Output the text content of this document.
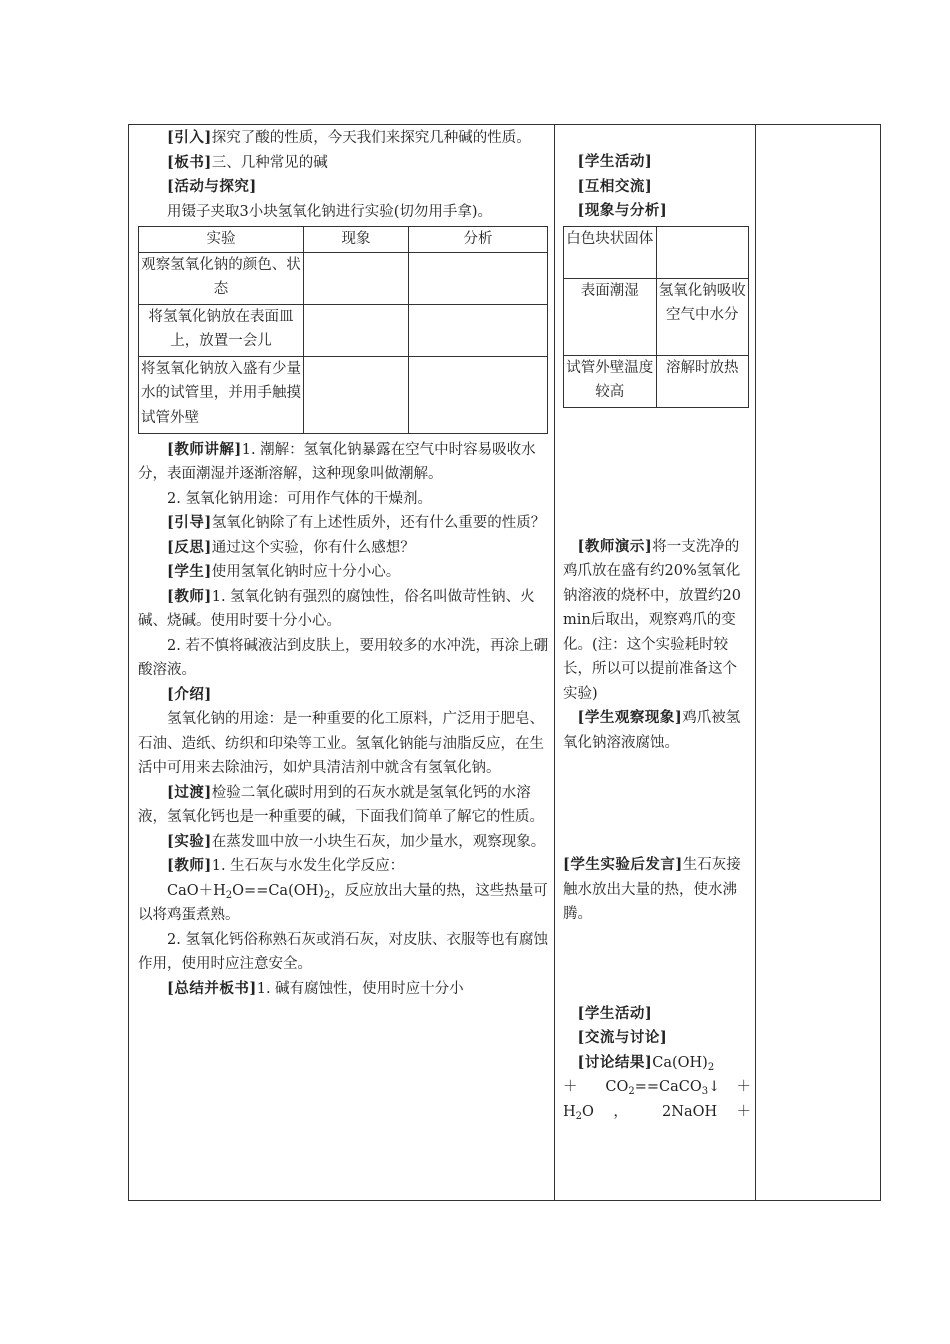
[引入]探究了酸的性质，今天我们来探究几种碱的性质。

[板书]三、几种常见的碱

[活动与探究]

用镊子夹取3小块氢氧化钠进行实验(切勿用手拿)。

实验	现象	分析
观察氢氧化钠的颜色、状态		
将氢氧化钠放在表面皿上，放置一会儿		
将氢氧化钠放入盛有少量水的试管里，并用手触摸试管外壁		

[教师讲解]1. 潮解：氢氧化钠暴露在空气中时容易吸收水分，表面潮湿并逐渐溶解，这种现象叫做潮解。

2. 氢氧化钠用途：可用作气体的干燥剂。

[引导]氢氧化钠除了有上述性质外，还有什么重要的性质？

[反思]通过这个实验，你有什么感想？

[学生]使用氢氧化钠时应十分小心。

[教师]1. 氢氧化钠有强烈的腐蚀性，俗名叫做苛性钠、火碱、烧碱。使用时要十分小心。

2. 若不慎将碱液沾到皮肤上，要用较多的水冲洗，再涂上硼酸溶液。

[介绍]

氢氧化钠的用途：是一种重要的化工原料，广泛用于肥皂、石油、造纸、纺织和印染等工业。氢氧化钠能与油脂反应，在生活中可用来去除油污，如炉具清洁剂中就含有氢氧化钠。

[过渡]检验二氧化碳时用到的石灰水就是氢氧化钙的水溶液，氢氧化钙也是一种重要的碱，下面我们简单了解它的性质。

[实验]在蒸发皿中放一小块生石灰，加少量水，观察现象。

[教师]1. 生石灰与水发生化学反应：

$CaO+H_2O==Ca(OH)_2$，反应放出大量的热，这些热量可以将鸡蛋煮熟。

2. 氢氧化钙俗称熟石灰或消石灰，对皮肤、衣服等也有腐蚀作用，使用时应注意安全。

[总结并板书]1. 碱有腐蚀性，使用时应十分小

[学生活动]

[互相交流]

[现象与分析]

白色块状固体	
表面潮湿	氢氧化钠吸收空气中水分
试管外壁温度较高	溶解时放热

[教师演示]将一支洗净的鸡爪放在盛有约20%氢氧化钠溶液的烧杯中，放置约20 min后取出，观察鸡爪的变化。(注：这个实验耗时较长，所以可以提前准备这个实验)

[学生观察现象]鸡爪被氢氧化钠溶液腐蚀。

[学生实验后发言]生石灰接触水放出大量的热，使水沸腾。

[学生活动]

[交流与讨论]

[讨论结果]$Ca(OH)_2$

＋ $CO_2==CaCO_3↓$ ＋

$H_2O$ ， 2NaOH ＋
